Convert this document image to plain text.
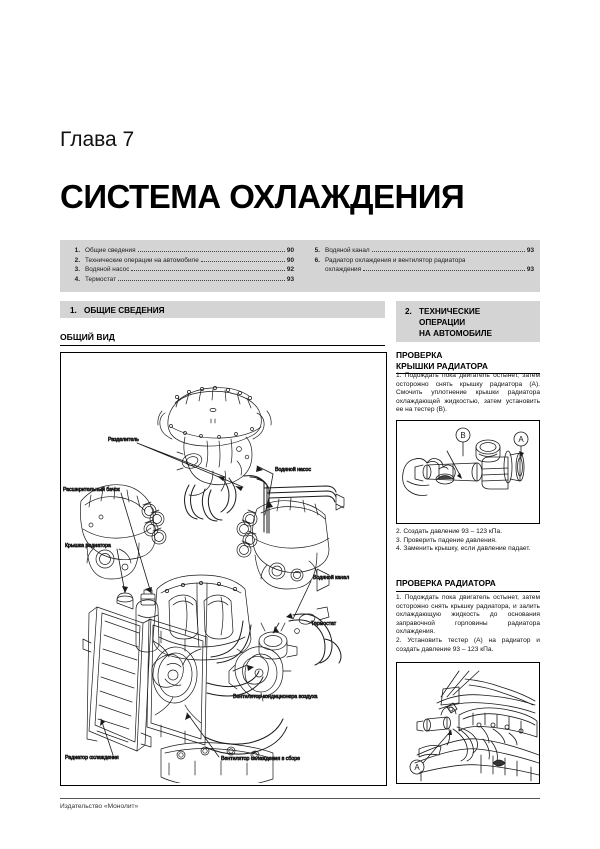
Глава 7
СИСТЕМА ОХЛАЖДЕНИЯ
1. Общие сведения	90
2. Технические операции на автомобиле	90
3. Водяной насос	92
4. Термостат	93
5. Водяной канал	93
6. Радиатор охлаждения и вентилятор радиатора
охлаждения	93
1. ОБЩИЕ СВЕДЕНИЯ	2. ТЕХНИЧЕСКИЕ
ОПЕРАЦИИ
НА АВТОМОБИЛЕ
ОБЩИЙ ВИД
Водяной насос
Разделитель
Расширительный бачок
Крышка радиатора
Радиатор охлаждения	Вентилятор охлаждения в сборе
Вентилятор кондиционера воздуха
Термостат
Водяной канал
ПРОВЕРКА
КРЫШКИ РАДИАТОРА

1. Подождать пока двигатель остынет, затем осторожно снять крышку радиатора (А). Смочить уплотнение крышки радиатора охлаждающей жидкостью, затем установить ее на тестер (В).

B	A

2. Создать давление 93 – 123 кПа.

3. Проверить падение давления.

4. Заменить крышку, если давление падает.

ПРОВЕРКА РАДИАТОРА

1. Подождать пока двигатель остынет, затем осторожно снять крышку радиатора, и залить охлаждающую жидкость до основания заправочной горловины радиатора охлаждения.

2. Установить тестер (А) на радиатор и создать давление 93 – 123 кПа.

A
Издательство «Монолит»
